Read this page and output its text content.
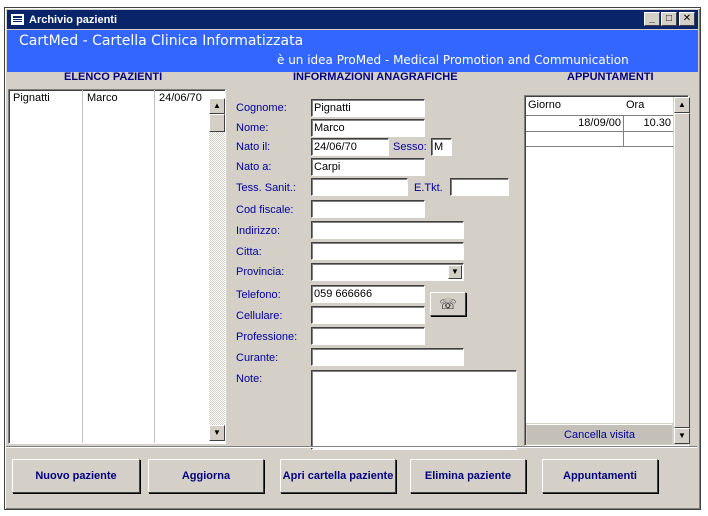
Archivio pazienti	_	□	✕
CartMed - Cartella Clinica Informatizzata
è un idea ProMed - Medical Promotion and Communication
ELENCO PAZIENTI	INFORMAZIONI ANAGRAFICHE	APPUNTAMENTI
Pignatti	Marco	24/06/70
▲
▼
Cognome: Pignatti
Nome:	Marco
Nato il:	24/06/70	Sesso: M
Nato a:	Carpi
Tess. Sanit.:	E.Tkt.
Cod fiscale:
Indirizzo:
Citta:
Provincia:	▼
Telefono:	059 666666
☏
Cellulare:
Professione:
Curante:
Note:
Giorno	Ora
18/09/00	10.30
▲
▼
Cancella visita
Nuovo paziente	Aggiorna	Apri cartella paziente	Elimina paziente	Appuntamenti
